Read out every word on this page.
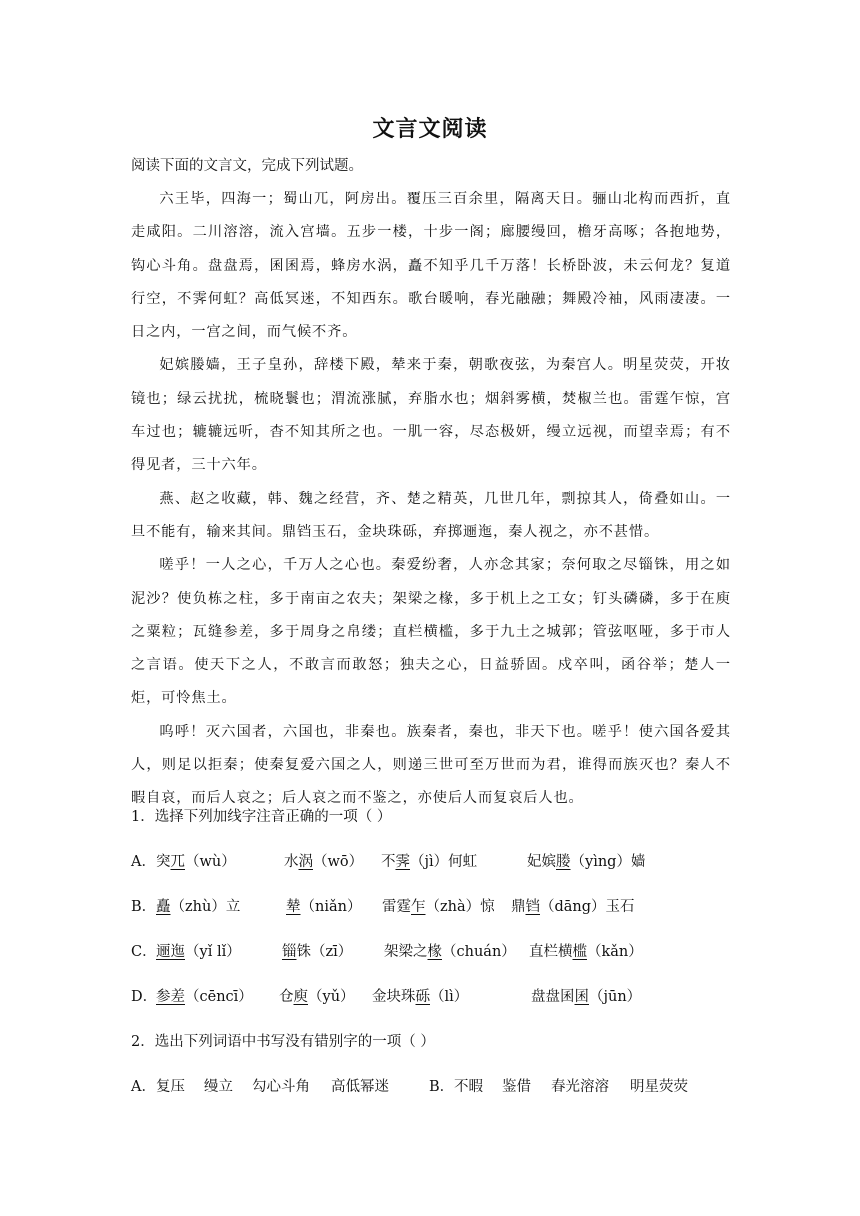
文言文阅读
阅读下面的文言文，完成下列试题。

六王毕，四海一；蜀山兀，阿房出。覆压三百余里，隔离天日。骊山北构而西折，直走咸阳。二川溶溶，流入宫墙。五步一楼，十步一阁；廊腰缦回，檐牙高啄；各抱地势，钩心斗角。盘盘焉，囷囷焉，蜂房水涡，矗不知乎几千万落！长桥卧波，未云何龙？复道行空，不霁何虹？高低冥迷，不知西东。歌台暖响，春光融融；舞殿冷袖，风雨凄凄。一日之内，一宫之间，而气候不齐。

妃嫔媵嫱，王子皇孙，辞楼下殿，辇来于秦，朝歌夜弦，为秦宫人。明星荧荧，开妆镜也；绿云扰扰，梳晓鬟也；渭流涨腻，弃脂水也；烟斜雾横，焚椒兰也。雷霆乍惊，宫车过也；辘辘远听，杳不知其所之也。一肌一容，尽态极妍，缦立远视，而望幸焉；有不得见者，三十六年。

燕、赵之收藏，韩、魏之经营，齐、楚之精英，几世几年，剽掠其人，倚叠如山。一旦不能有，输来其间。鼎铛玉石，金块珠砾，弃掷逦迤，秦人视之，亦不甚惜。

嗟乎！一人之心，千万人之心也。秦爱纷奢，人亦念其家；奈何取之尽锱铢，用之如泥沙？使负栋之柱，多于南亩之农夫；架梁之椽，多于机上之工女；钉头磷磷，多于在庾之粟粒；瓦缝参差，多于周身之帛缕；直栏横槛，多于九土之城郭；管弦呕哑，多于市人之言语。使天下之人，不敢言而敢怒；独夫之心，日益骄固。戍卒叫，函谷举；楚人一炬，可怜焦土。

呜呼！灭六国者，六国也，非秦也。族秦者，秦也，非天下也。嗟乎！使六国各爱其人，则足以拒秦；使秦复爱六国之人，则递三世可至万世而为君，谁得而族灭也？秦人不暇自哀，而后人哀之；后人哀之而不鉴之，亦使后人而复哀后人也。

1．选择下列加线字注音正确的一项（ ）
A． 突兀（wù）	水涡（wō） 不霁（jì）何虹	妃嫔媵（yìng）嫱
B． 矗（zhù）立	辇（niǎn） 雷霆乍（zhà）惊 鼎铛（dāng）玉石
C． 逦迤（yǐ lǐ）	锱铢（zī） 架梁之椽（chuán） 直栏横槛（kǎn）
D．
参差（cēncī） 仓庾（yǔ） 金块珠砾（lì）	盘盘囷囷（jūn）
2．选出下列词语中书写没有错别字的一项（ ）
A． 复压 缦立 勾心斗角 高低幂迷	B． 不暇 鉴借 春光溶溶 明星荧荧
